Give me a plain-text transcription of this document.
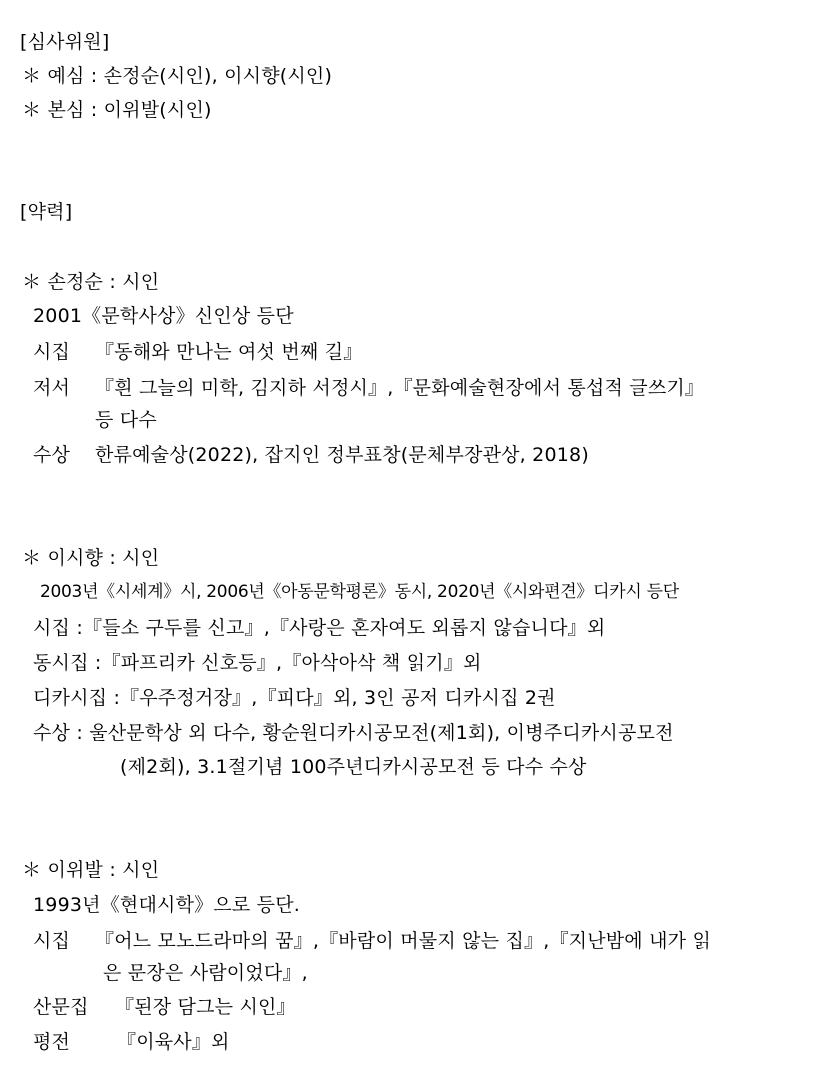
[심사위원]
＊ 예심 : 손정순(시인), 이시향(시인)
＊ 본심 : 이위발(시인)
[약력]
＊ 손정순 : 시인
2001《문학사상》신인상 등단
시집 『동해와 만나는 여섯 번째 길』
저서 『흰 그늘의 미학, 김지하 서정시』,『문화예술현장에서 통섭적 글쓰기』
등 다수
수상 한류예술상(2022), 잡지인 정부표창(문체부장관상, 2018)
＊ 이시향 : 시인
2003년《시세계》시, 2006년《아동문학평론》동시, 2020년《시와편견》디카시 등단
시집 :『들소 구두를 신고』,『사랑은 혼자여도 외롭지 않습니다』외
동시집 :『파프리카 신호등』,『아삭아삭 책 읽기』외
디카시집 :『우주정거장』,『피다』외, 3인 공저 디카시집 2권
수상 : 울산문학상 외 다수, 황순원디카시공모전(제1회), 이병주디카시공모전
(제2회), 3.1절기념 100주년디카시공모전 등 다수 수상
＊ 이위발 : 시인
1993년《현대시학》으로 등단.
시집 『어느 모노드라마의 꿈』,『바람이 머물지 않는 집』,『지난밤에 내가 읽
은 문장은 사람이었다』,
산문집 『된장 담그는 시인』
평전 『이육사』외
